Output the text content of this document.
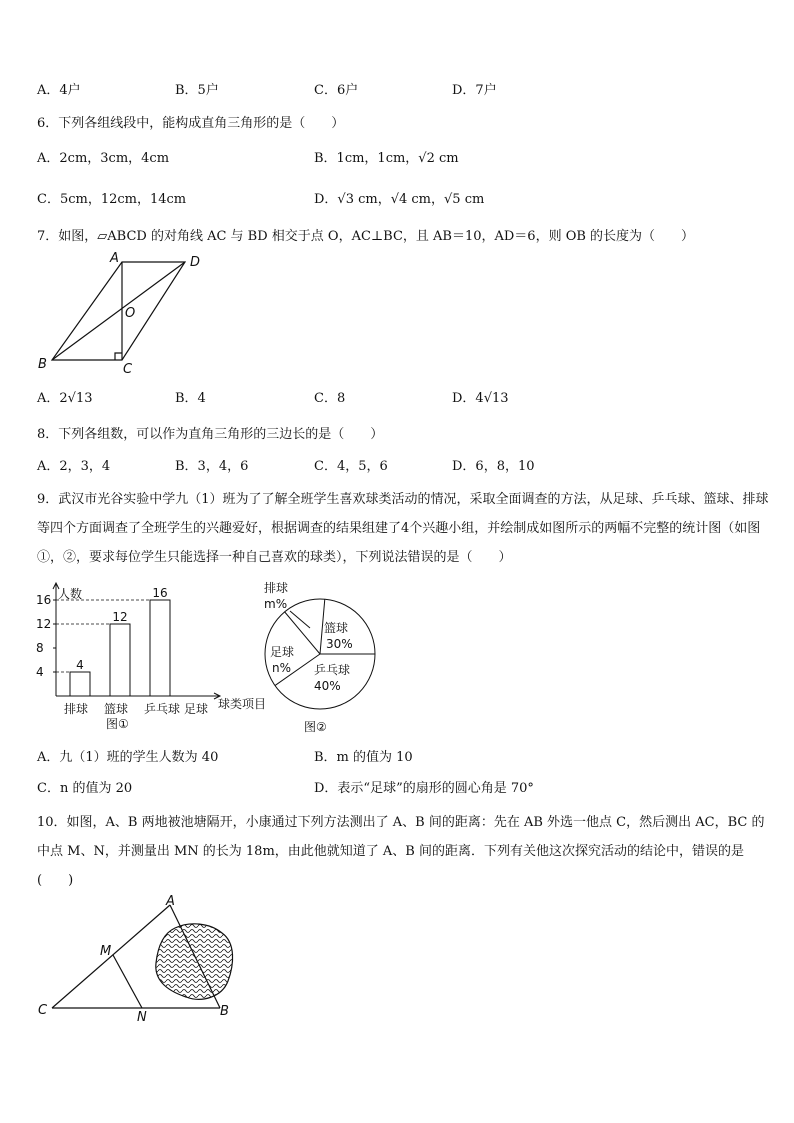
A．4户	B．5户	C．6户	D．7户
6．下列各组线段中，能构成直角三角形的是（　　）
A．2cm，3cm，4cm	B．1cm，1cm，√2 cm
C．5cm，12cm，14cm	D．√3 cm，√4 cm，√5 cm
7．如图，▱ABCD 的对角线 AC 与 BD 相交于点 O，AC⊥BC，且 AB＝10，AD＝6，则 OB 的长度为（　　）
A	D
O
B	C
A．2√13	B．4	C．8	D．4√13
8．下列各组数，可以作为直角三角形的三边长的是（　　）
A．2，3，4	B．3，4，6	C．4，5，6	D．6，8，10
9．武汉市光谷实验中学九（1）班为了了解全班学生喜欢球类活动的情况，采取全面调查的方法，从足球、乒乓球、篮球、排球等四个方面调查了全班学生的兴趣爱好，根据调查的结果组建了4个兴趣小组，并绘制成如图所示的两幅不完整的统计图（如图①，②，要求每位学生只能选择一种自己喜欢的球类），下列说法错误的是（　　）
4
8
12
16
排球
4
篮球
12
乒乓球
16
足球
人数
球类项目
图①
排球
m%
篮球
30%
足球
n% 乒乓球
40%
图②
A．九（1）班的学生人数为 40	B．m 的值为 10
C．n 的值为 20	D．表示“足球”的扇形的圆心角是 70°
10．如图，A、B 两地被池塘隔开，小康通过下列方法测出了 A、B 间的距离：先在 AB 外选一他点 C，然后测出 AC，BC 的中点 M、N，并测量出 MN 的长为 18m，由此他就知道了 A、B 间的距离．下列有关他这次探究活动的结论中，错误的是(　　)
A
B
C
M
N
